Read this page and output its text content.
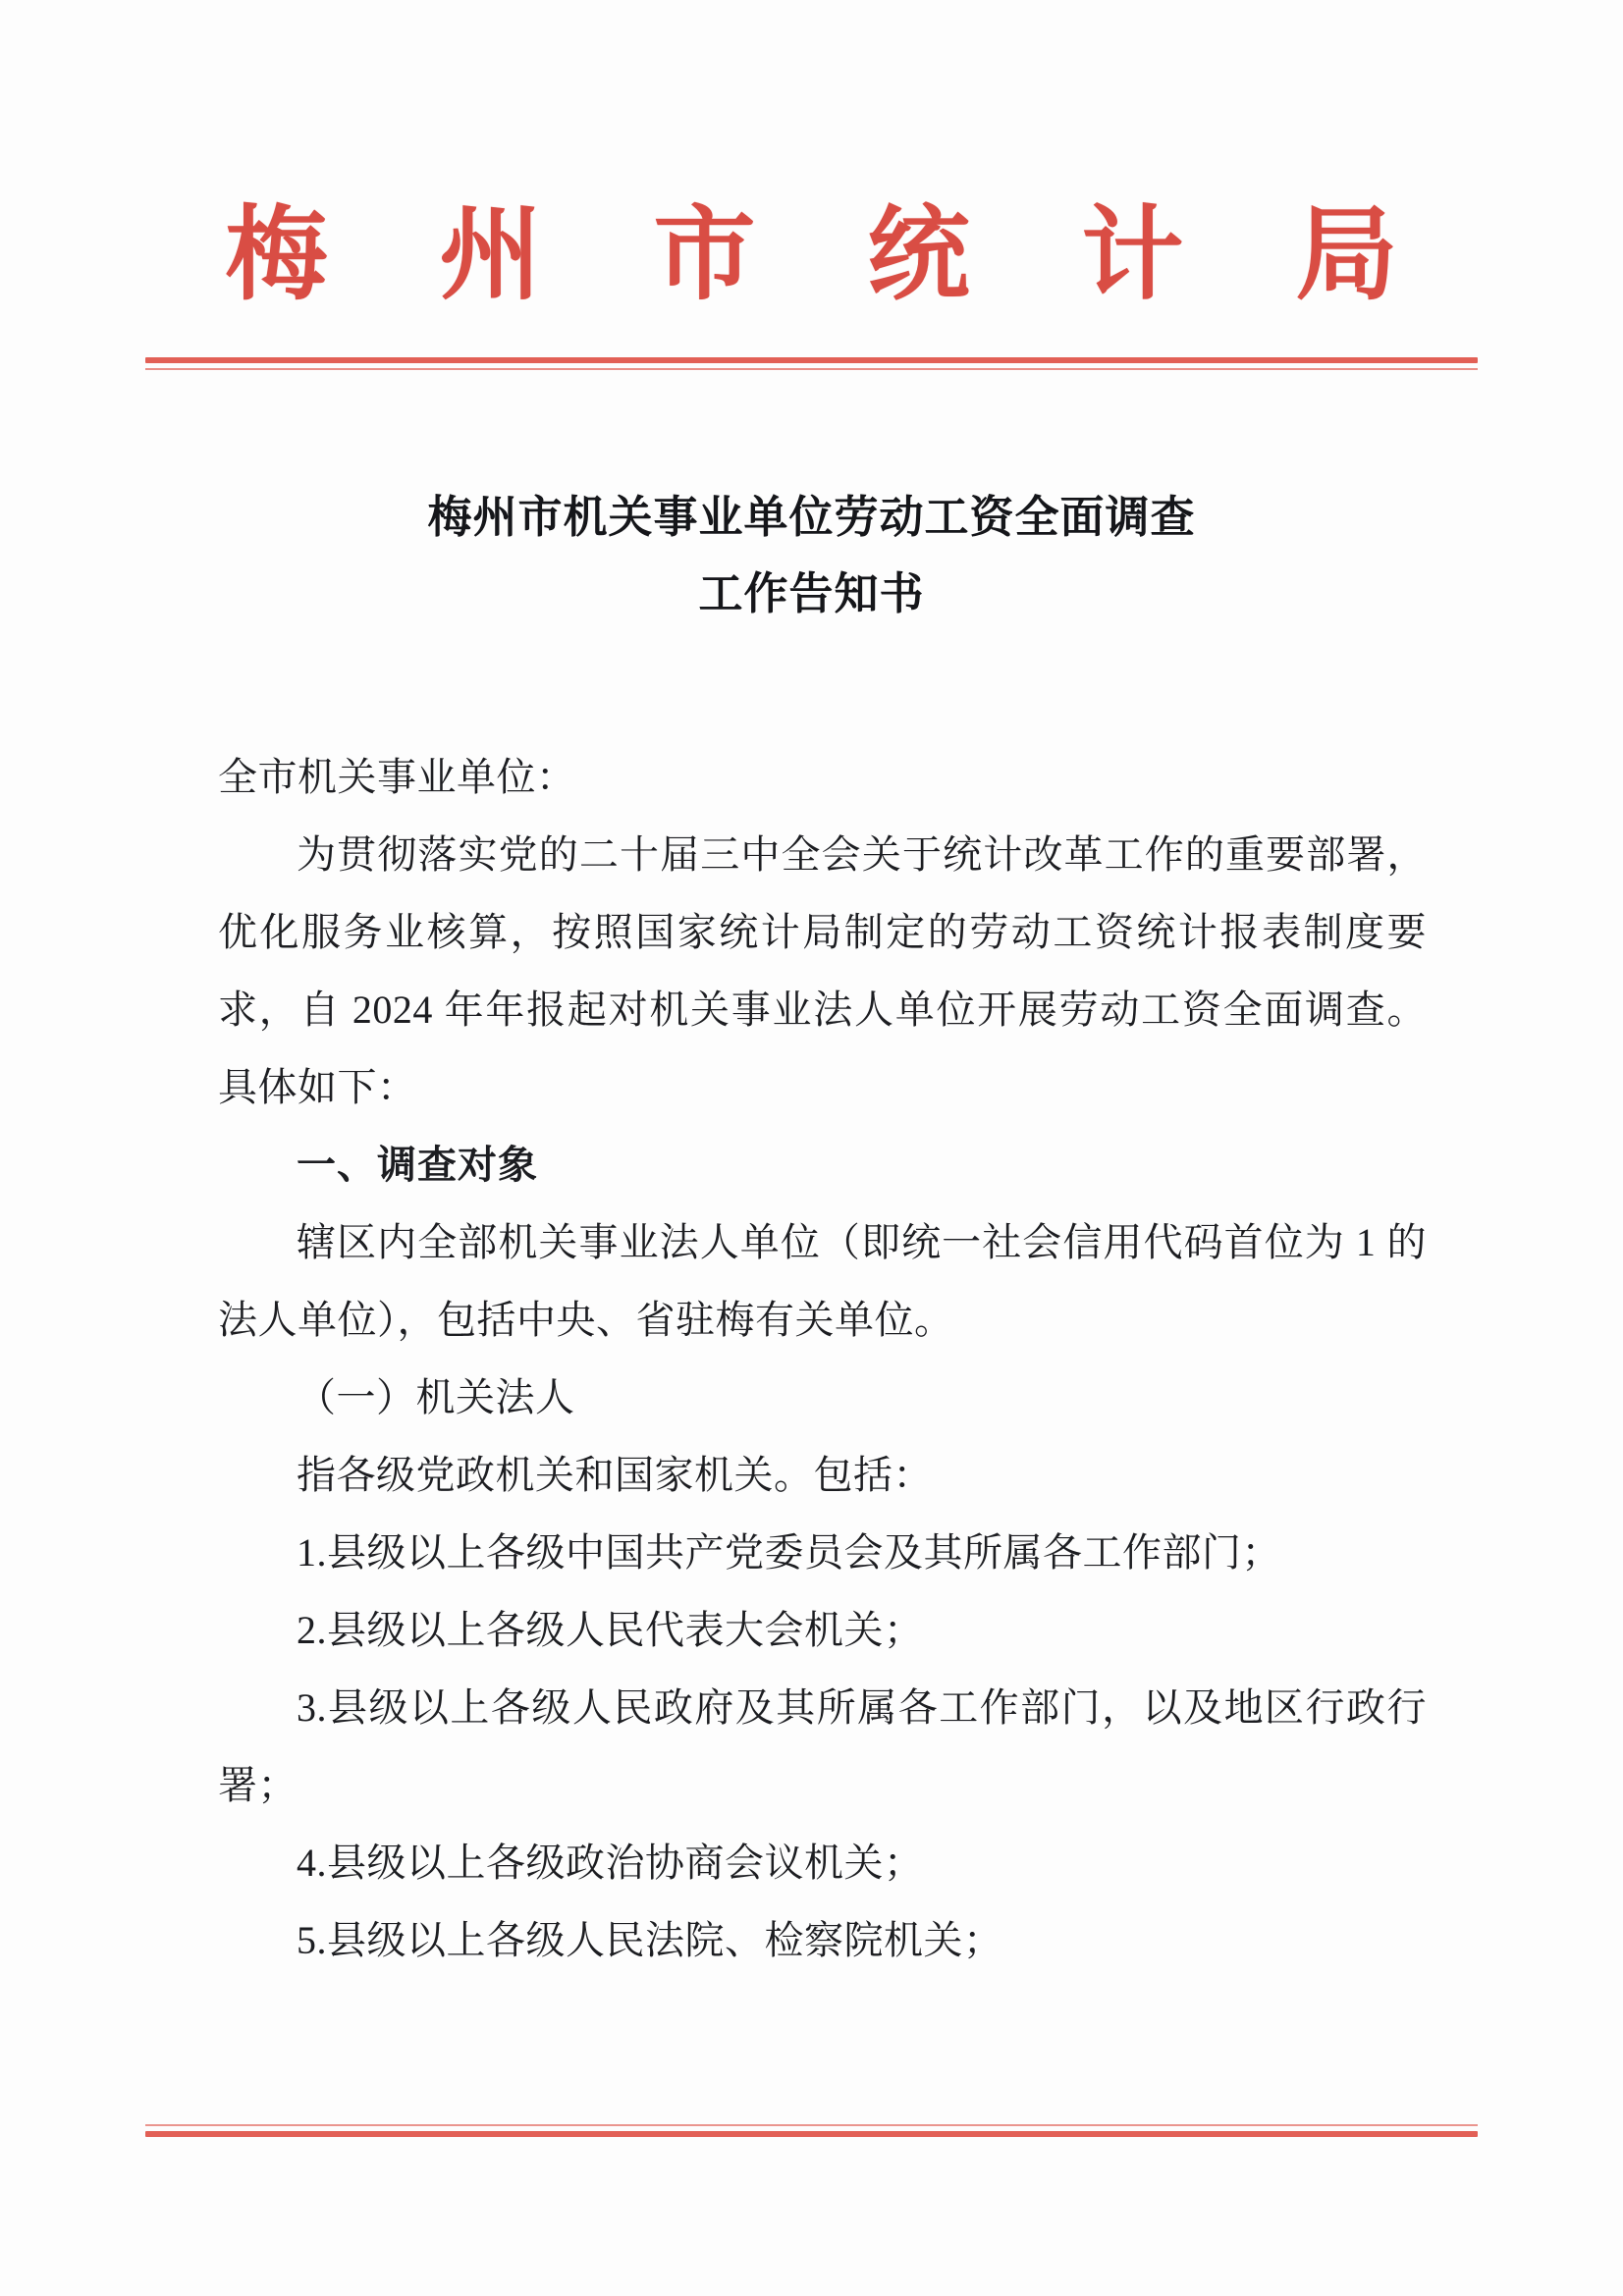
梅 州 市 统 计 局
梅州市机关事业单位劳动工资全面调查
工作告知书

全市机关事业单位：

为贯彻落实党的二十届三中全会关于统计改革工作的重要部署，优化服务业核算，按照国家统计局制定的劳动工资统计报表制度要求，自 2024 年年报起对机关事业法人单位开展劳动工资全面调查。具体如下：

一、调查对象

辖区内全部机关事业法人单位（即统一社会信用代码首位为 1 的法人单位），包括中央、省驻梅有关单位。

（一）机关法人

指各级党政机关和国家机关。包括：

1.县级以上各级中国共产党委员会及其所属各工作部门；

2.县级以上各级人民代表大会机关；

3.县级以上各级人民政府及其所属各工作部门，以及地区行政行署；

4.县级以上各级政治协商会议机关；

5.县级以上各级人民法院、检察院机关；
